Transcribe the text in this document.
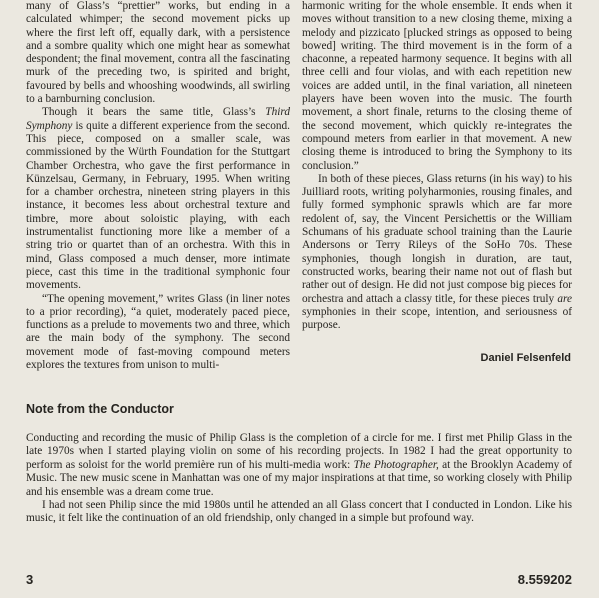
many of Glass’s “prettier” works, but ending in a calculated whimper; the second movement picks up where the first left off, equally dark, with a persistence and a sombre quality which one might hear as somewhat despondent; the final movement, contra all the fascinating murk of the preceding two, is spirited and bright, favoured by bells and whooshing woodwinds, all swirling to a barnburning conclusion.

Though it bears the same title, Glass’s Third Symphony is quite a different experience from the second. This piece, composed on a smaller scale, was commissioned by the Würth Foundation for the Stuttgart Chamber Orchestra, who gave the first performance in Künzelsau, Germany, in February, 1995. When writing for a chamber orchestra, nineteen string players in this instance, it becomes less about orchestral texture and timbre, more about soloistic playing, with each instrumentalist functioning more like a member of a string trio or quartet than of an orchestra. With this in mind, Glass composed a much denser, more intimate piece, cast this time in the traditional symphonic four movements.

“The opening movement,” writes Glass (in liner notes to a prior recording), “a quiet, moderately paced piece, functions as a prelude to movements two and three, which are the main body of the symphony. The second movement mode of fast-moving compound meters explores the textures from unison to multi-

harmonic writing for the whole ensemble. It ends when it moves without transition to a new closing theme, mixing a melody and pizzicato [plucked strings as opposed to being bowed] writing. The third movement is in the form of a chaconne, a repeated harmony sequence. It begins with all three celli and four violas, and with each repetition new voices are added until, in the final variation, all nineteen players have been woven into the music. The fourth movement, a short finale, returns to the closing theme of the second movement, which quickly re-integrates the compound meters from earlier in that movement. A new closing theme is introduced to bring the Symphony to its conclusion.”

In both of these pieces, Glass returns (in his way) to his Juilliard roots, writing polyharmonies, rousing finales, and fully formed symphonic sprawls which are far more redolent of, say, the Vincent Persichettis or the William Schumans of his graduate school training than the Laurie Andersons or Terry Rileys of the SoHo 70s. These symphonies, though longish in duration, are taut, constructed works, bearing their name not out of flash but rather out of design. He did not just compose big pieces for orchestra and attach a classy title, for these pieces truly are symphonies in their scope, intention, and seriousness of purpose.

Daniel Felsenfeld
Note from the Conductor

Conducting and recording the music of Philip Glass is the completion of a circle for me. I first met Philip Glass in the late 1970s when I started playing violin on some of his recording projects. In 1982 I had the great opportunity to perform as soloist for the world première run of his multi-media work: The Photographer, at the Brooklyn Academy of Music. The new music scene in Manhattan was one of my major inspirations at that time, so working closely with Philip and his ensemble was a dream come true.

I had not seen Philip since the mid 1980s until he attended an all Glass concert that I conducted in London. Like his music, it felt like the continuation of an old friendship, only changed in a simple but profound way.

3	8.559202
